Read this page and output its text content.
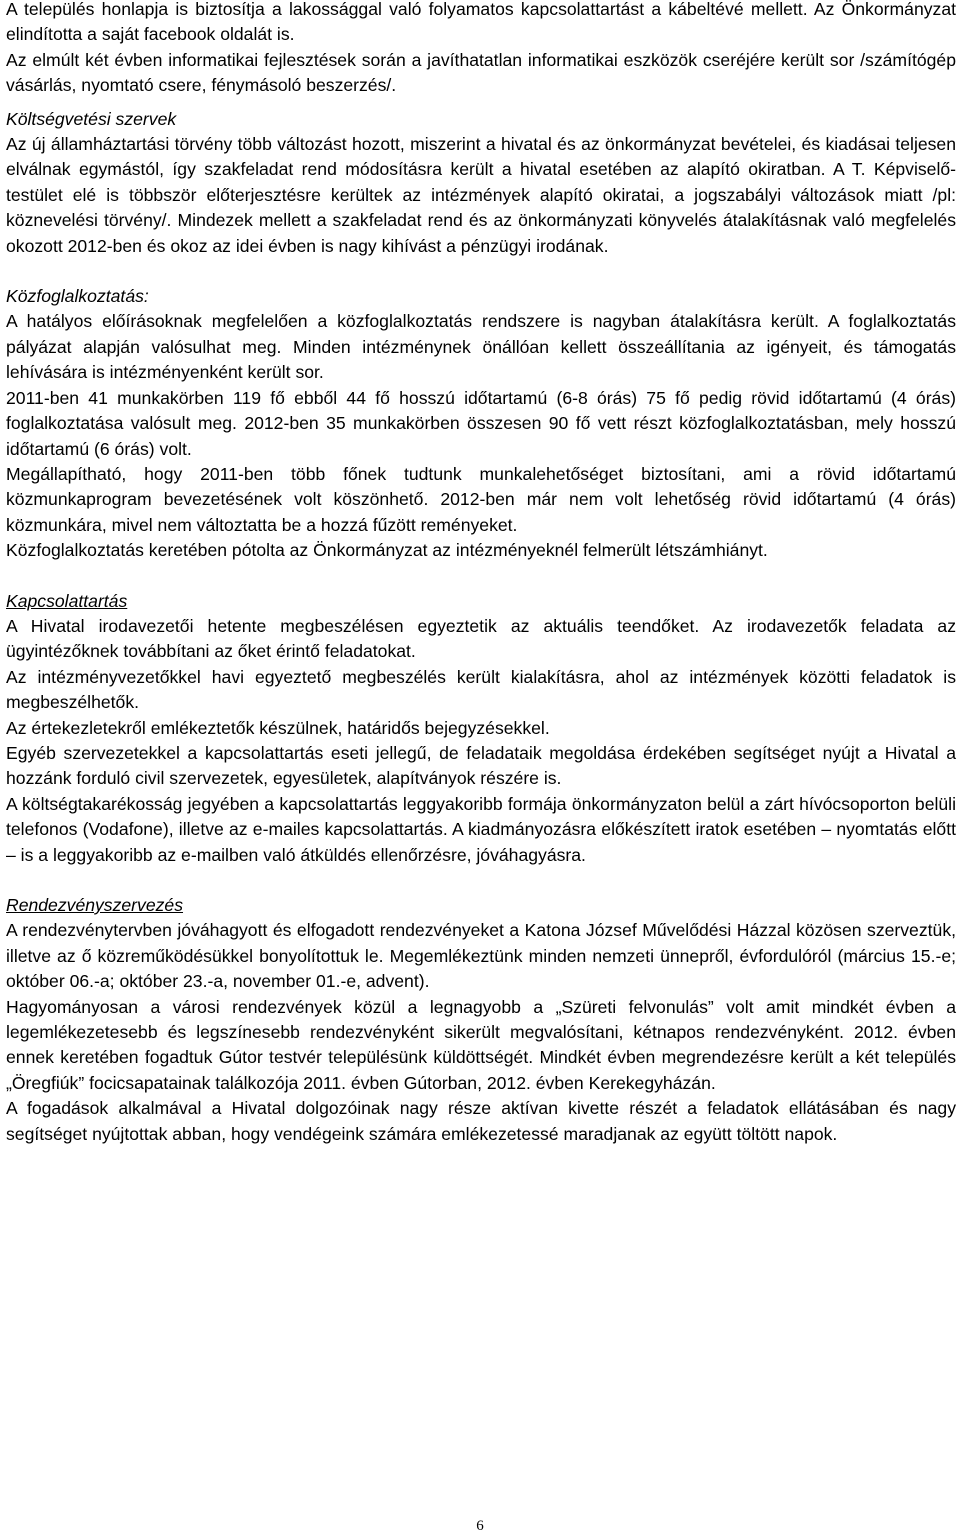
A település honlapja is biztosítja a lakossággal való folyamatos kapcsolattartást a kábeltévé mellett. Az Önkormányzat elindította a saját facebook oldalát is.

Az elmúlt két évben informatikai fejlesztések során a javíthatatlan informatikai eszközök cseréjére került sor /számítógép vásárlás, nyomtató csere, fénymásoló beszerzés/.

Költségvetési szervek

Az új államháztartási törvény több változást hozott, miszerint a hivatal és az önkormányzat bevételei, és kiadásai teljesen elválnak egymástól, így szakfeladat rend módosításra került a hivatal esetében az alapító okiratban. A T. Képviselő-testület elé is többször előterjesztésre kerültek az intézmények alapító okiratai, a jogszabályi változások miatt /pl: köznevelési törvény/. Mindezek mellett a szakfeladat rend és az önkormányzati könyvelés átalakításnak való megfelelés okozott 2012-ben és okoz az idei évben is nagy kihívást a pénzügyi irodának.

Közfoglalkoztatás:

A hatályos előírásoknak megfelelően a közfoglalkoztatás rendszere is nagyban átalakításra került. A foglalkoztatás pályázat alapján valósulhat meg. Minden intézménynek önállóan kellett összeállítania az igényeit, és támogatás lehívására is intézményenként került sor.

2011-ben 41 munkakörben 119 fő ebből 44 fő hosszú időtartamú (6-8 órás) 75 fő pedig rövid időtartamú (4 órás) foglalkoztatása valósult meg. 2012-ben 35 munkakörben összesen 90 fő vett részt közfoglalkoztatásban, mely hosszú időtartamú (6 órás) volt.

Megállapítható, hogy 2011-ben több főnek tudtunk munkalehetőséget biztosítani, ami a rövid időtartamú közmunkaprogram bevezetésének volt köszönhető. 2012-ben már nem volt lehetőség rövid időtartamú (4 órás) közmunkára, mivel nem változtatta be a hozzá fűzött reményeket.

Közfoglalkoztatás keretében pótolta az Önkormányzat az intézményeknél felmerült létszámhiányt.

Kapcsolattartás

A Hivatal irodavezetői hetente megbeszélésen egyeztetik az aktuális teendőket. Az irodavezetők feladata az ügyintézőknek továbbítani az őket érintő feladatokat.

Az intézményvezetőkkel havi egyeztető megbeszélés került kialakításra, ahol az intézmények közötti feladatok is megbeszélhetők.

Az értekezletekről emlékeztetők készülnek, határidős bejegyzésekkel.

Egyéb szervezetekkel a kapcsolattartás eseti jellegű, de feladataik megoldása érdekében segítséget nyújt a Hivatal a hozzánk forduló civil szervezetek, egyesületek, alapítványok részére is.

A költségtakarékosság jegyében a kapcsolattartás leggyakoribb formája önkormányzaton belül a zárt hívócsoporton belüli telefonos (Vodafone), illetve az e-mailes kapcsolattartás. A kiadmányozásra előkészített iratok esetében – nyomtatás előtt – is a leggyakoribb az e-mailben való átküldés ellenőrzésre, jóváhagyásra.

Rendezvényszervezés

A rendezvénytervben jóváhagyott és elfogadott rendezvényeket a Katona József Művelődési Házzal közösen szerveztük, illetve az ő közreműködésükkel bonyolítottuk le. Megemlékeztünk minden nemzeti ünnepről, évfordulóról (március 15.-e; október 06.-a; október 23.-a, november 01.-e, advent).

Hagyományosan a városi rendezvények közül a legnagyobb a „Szüreti felvonulás” volt amit mindkét évben a legemlékezetesebb és legszínesebb rendezvényként sikerült megvalósítani, kétnapos rendezvényként. 2012. évben ennek keretében fogadtuk Gútor testvér településünk küldöttségét. Mindkét évben megrendezésre került a két település „Öregfiúk” focicsapatainak találkozója 2011. évben Gútorban, 2012. évben Kerekegyházán.

A fogadások alkalmával a Hivatal dolgozóinak nagy része aktívan kivette részét a feladatok ellátásában és nagy segítséget nyújtottak abban, hogy vendégeink számára emlékezetessé maradjanak az együtt töltött napok.

6
